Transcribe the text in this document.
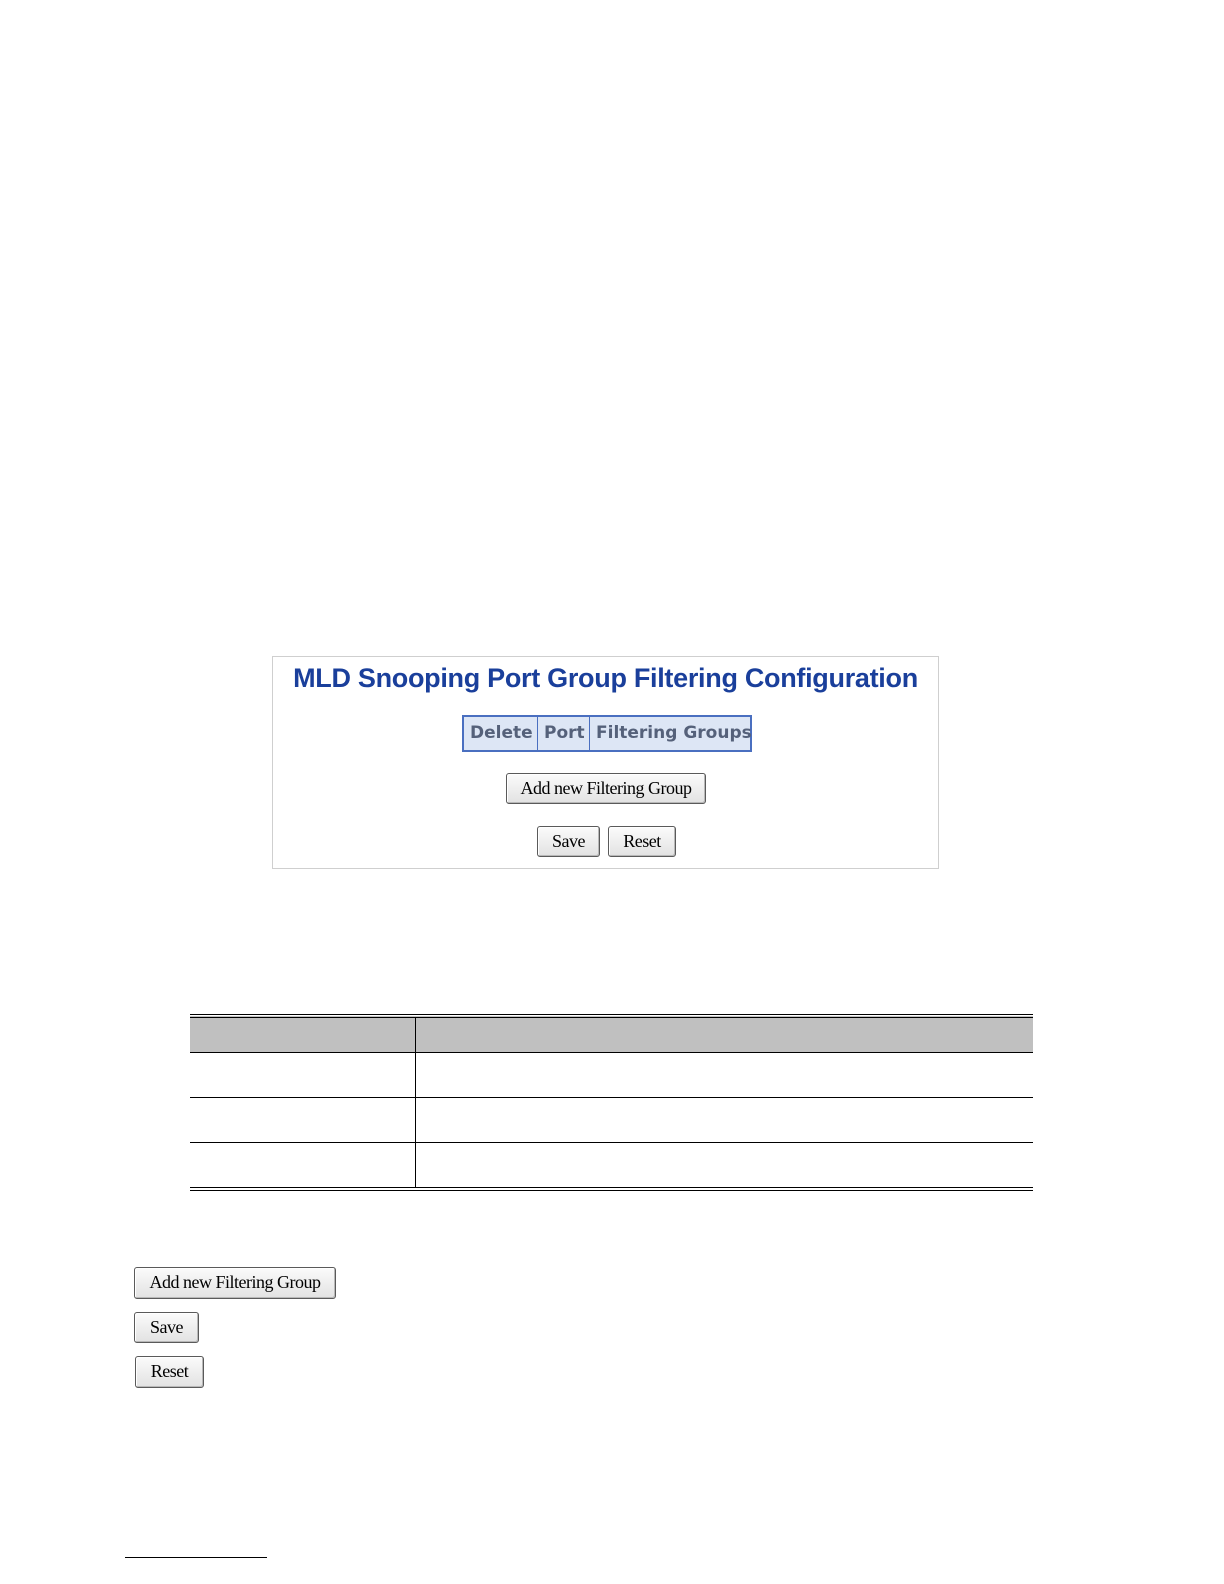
MLD Snooping Port Group Filtering Configuration
Delete Port Filtering Groups
Add new Filtering Group
Save	Reset

Add new Filtering Group
Save
Reset
